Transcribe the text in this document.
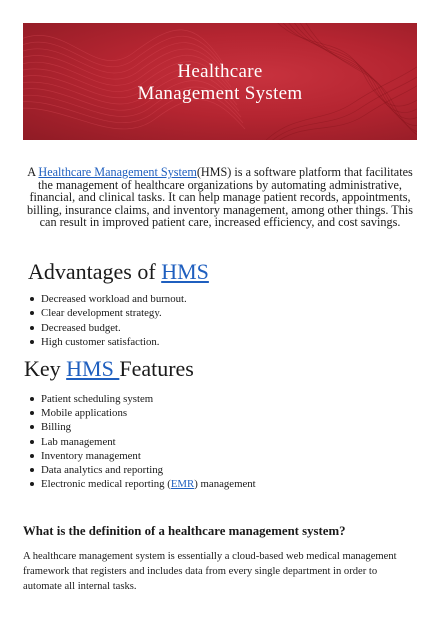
Healthcare
Management System

A Healthcare Management System(HMS) is a software platform that facilitates the management of healthcare organizations by automating administrative, financial, and clinical tasks. It can help manage patient records, appointments, billing, insurance claims, and inventory management, among other things. This can result in improved patient care, increased efficiency, and cost savings.

Advantages of HMS
Decreased workload and burnout.
Clear development strategy.
Decreased budget.
High customer satisfaction.
Key HMS Features
Patient scheduling system
Mobile applications
Billing
Lab management
Inventory management
Data analytics and reporting
Electronic medical reporting (EMR) management
What is the definition of a healthcare management system?

A healthcare management system is essentially a cloud-based web medical management framework that registers and includes data from every single department in order to automate all internal tasks.
